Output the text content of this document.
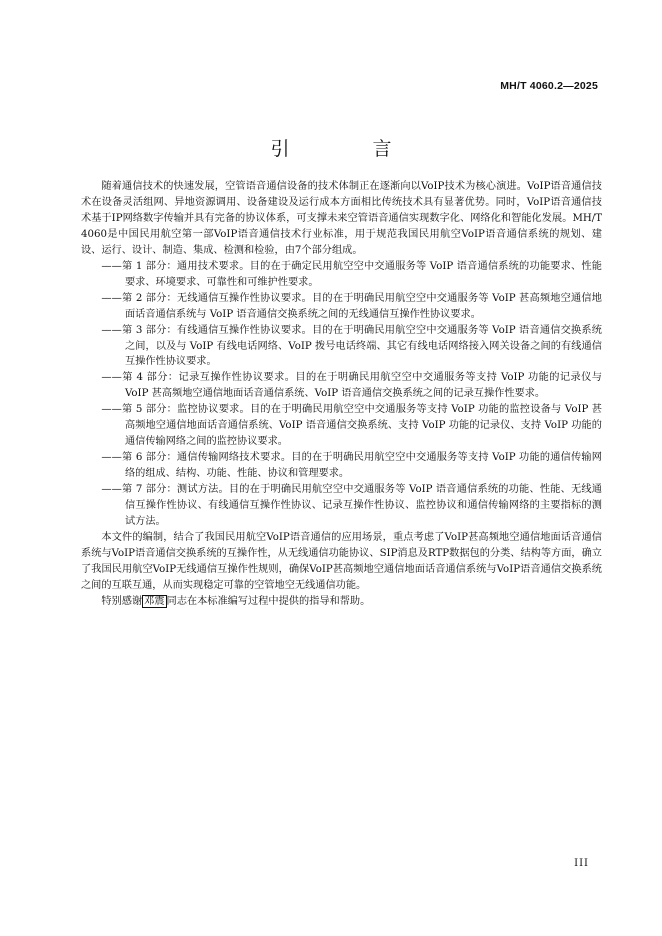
MH/T 4060.2—2025
引　言

随着通信技术的快速发展，空管语音通信设备的技术体制正在逐渐向以VoIP技术为核心演进。VoIP语音通信技术在设备灵活组网、异地资源调用、设备建设及运行成本方面相比传统技术具有显著优势。同时，VoIP语音通信技术基于IP网络数字传输并具有完备的协议体系，可支撑未来空管语音通信实现数字化、网络化和智能化发展。MH/T 4060是中国民用航空第一部VoIP语音通信技术行业标准，用于规范我国民用航空VoIP语音通信系统的规划、建设、运行、设计、制造、集成、检测和检验，由7个部分组成。

——第 1 部分：通用技术要求。目的在于确定民用航空空中交通服务等 VoIP 语音通信系统的功能要求、性能要求、环境要求、可靠性和可维护性要求。

——第 2 部分：无线通信互操作性协议要求。目的在于明确民用航空空中交通服务等 VoIP 甚高频地空通信地面话音通信系统与 VoIP 语音通信交换系统之间的无线通信互操作性协议要求。

——第 3 部分：有线通信互操作性协议要求。目的在于明确民用航空空中交通服务等 VoIP 语音通信交换系统之间，以及与 VoIP 有线电话网络、VoIP 拨号电话终端、其它有线电话网络接入网关设备之间的有线通信互操作性协议要求。

——第 4 部分：记录互操作性协议要求。目的在于明确民用航空空中交通服务等支持 VoIP 功能的记录仪与 VoIP 甚高频地空通信地面话音通信系统、VoIP 语音通信交换系统之间的记录互操作性要求。

——第 5 部分：监控协议要求。目的在于明确民用航空空中交通服务等支持 VoIP 功能的监控设备与 VoIP 甚高频地空通信地面话音通信系统、VoIP 语音通信交换系统、支持 VoIP 功能的记录仪、支持 VoIP 功能的通信传输网络之间的监控协议要求。

——第 6 部分：通信传输网络技术要求。目的在于明确民用航空空中交通服务等支持 VoIP 功能的通信传输网络的组成、结构、功能、性能、协议和管理要求。

——第 7 部分：测试方法。目的在于明确民用航空空中交通服务等 VoIP 语音通信系统的功能、性能、无线通信互操作性协议、有线通信互操作性协议、记录互操作性协议、监控协议和通信传输网络的主要指标的测试方法。

本文件的编制，结合了我国民用航空VoIP语音通信的应用场景，重点考虑了VoIP甚高频地空通信地面话音通信系统与VoIP语音通信交换系统的互操作性，从无线通信功能协议、SIP消息及RTP数据包的分类、结构等方面，确立了我国民用航空VoIP无线通信互操作性规则，确保VoIP甚高频地空通信地面话音通信系统与VoIP语音通信交换系统之间的互联互通，从而实现稳定可靠的空管地空无线通信功能。

特别感谢 邓震 同志在本标准编写过程中提供的指导和帮助。

III
